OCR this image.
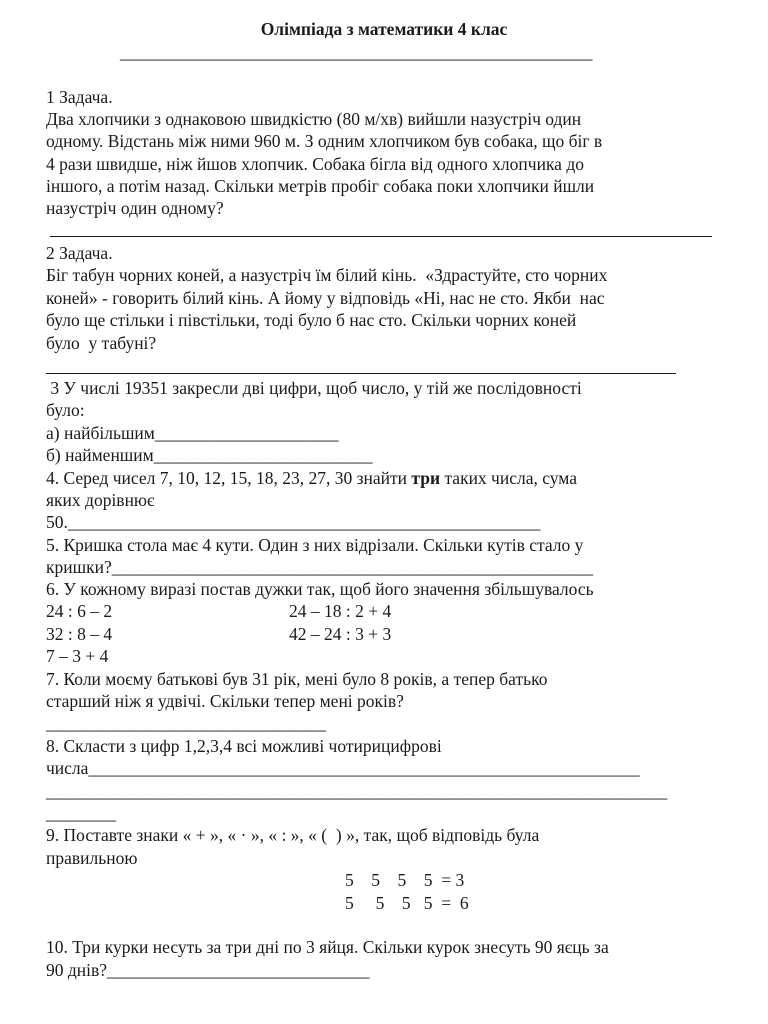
Олімпіада з математики 4 клас
______________________________________________________
1 Задача.
Два хлопчики з однаковою швидкістю (80 м/хв) вийшли назустріч один
одному. Відстань між ними 960 м. З одним хлопчиком був собака, що біг в
4 рази швидше, ніж йшов хлопчик. Собака бігла від одного хлопчика до
іншого, а потім назад. Скільки метрів пробіг собака поки хлопчики йшли
назустріч один одному?
2 Задача.
Біг табун чорних коней, а назустріч їм білий кінь.  «Здрастуйте, сто чорних
коней» - говорить білий кінь. А йому у відповідь «Ні, нас не сто. Якби  нас
було ще стільки і півстільки, тоді було б нас сто. Скільки чорних коней
було  у табуні?
3 У числі 19351 закресли дві цифри, щоб число, у тій же послідовності
було:
а) найбільшим_____________________
б) найменшим_________________________
4. Серед чисел 7, 10, 12, 15, 18, 23, 27, 30 знайти три таких числа, сума
яких дорівнює
50.______________________________________________________
5. Кришка стола має 4 кути. Один з них відрізали. Скільки кутів стало у
кришки?_______________________________________________________
6. У кожному виразі постав дужки так, щоб його значення збільшувалось
24 : 6 – 2	24 – 18 : 2 + 4
32 : 8 – 4	42 – 24 : 3 + 3
7 – 3 + 4
7. Коли моєму батькові був 31 рік, мені було 8 років, а тепер батько
старший ніж я удвічі. Скільки тепер мені років?
________________________________
8. Скласти з цифр 1,2,3,4 всі можливі чотирицифрові
числа_______________________________________________________________
_______________________________________________________________________
________
9. Поставте знаки « + », « · », « : », « (  ) », так, щоб відповідь була
правильною
5    5    5    5  = 3
5     5    5   5  =  6
10. Три курки несуть за три дні по 3 яйця. Скільки курок знесуть 90 яєць за
90 днів?______________________________
